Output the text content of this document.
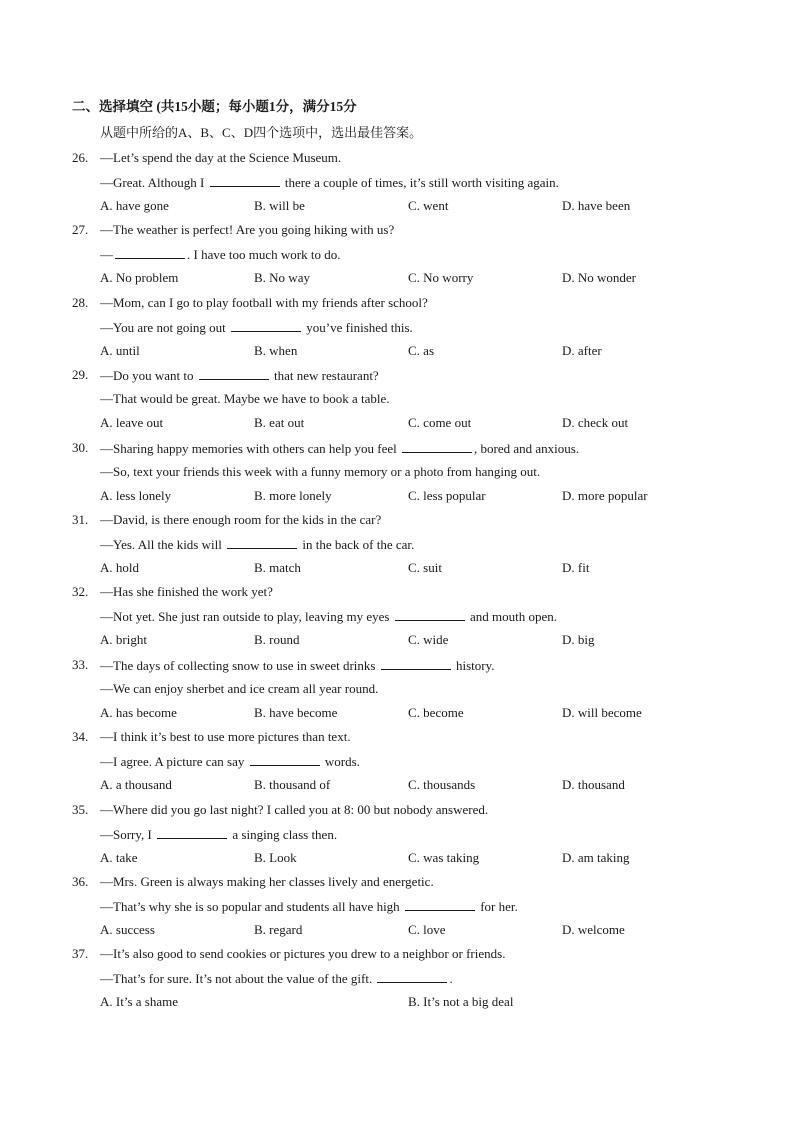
二、选择填空 (共15小题；每小题1分，满分15分
从题中所给的A、B、C、D四个选项中，选出最佳答案。
26. —Let’s spend the day at the Science Museum.
—Great. Although I	there a couple of times, it’s still worth visiting again.
A. have gone	B. will be	C. went	D. have been
27. —The weather is perfect! Are you going hiking with us?
—	. I have too much work to do.
A. No problem	B. No way	C. No worry	D. No wonder
28. —Mom, can I go to play football with my friends after school?
—You are not going out	you’ve finished this.
A. until	B. when	C. as	D. after
29. —Do you want to	that new restaurant?
—That would be great. Maybe we have to book a table.
A. leave out	B. eat out	C. come out	D. check out
30. —Sharing happy memories with others can help you feel	, bored and anxious.
—So, text your friends this week with a funny memory or a photo from hanging out.
A. less lonely	B. more lonely	C. less popular	D. more popular
31. —David, is there enough room for the kids in the car?
—Yes. All the kids will	in the back of the car.
A. hold	B. match	C. suit	D. fit
32. —Has she finished the work yet?
—Not yet. She just ran outside to play, leaving my eyes	and mouth open.
A. bright	B. round	C. wide	D. big
33. —The days of collecting snow to use in sweet drinks	history.
—We can enjoy sherbet and ice cream all year round.
A. has become	B. have become	C. become	D. will become
34. —I think it’s best to use more pictures than text.
—I agree. A picture can say	words.
A. a thousand	B. thousand of	C. thousands	D. thousand
35. —Where did you go last night? I called you at 8: 00 but nobody answered.
—Sorry, I	a singing class then.
A. take	B. Look	C. was taking	D. am taking
36. —Mrs. Green is always making her classes lively and energetic.
—That’s why she is so popular and students all have high	for her.
A. success	B. regard	C. love	D. welcome
37. —It’s also good to send cookies or pictures you drew to a neighbor or friends.
—That’s for sure. It’s not about the value of the gift.	.
A. It’s a shame	B. It’s not a big deal
